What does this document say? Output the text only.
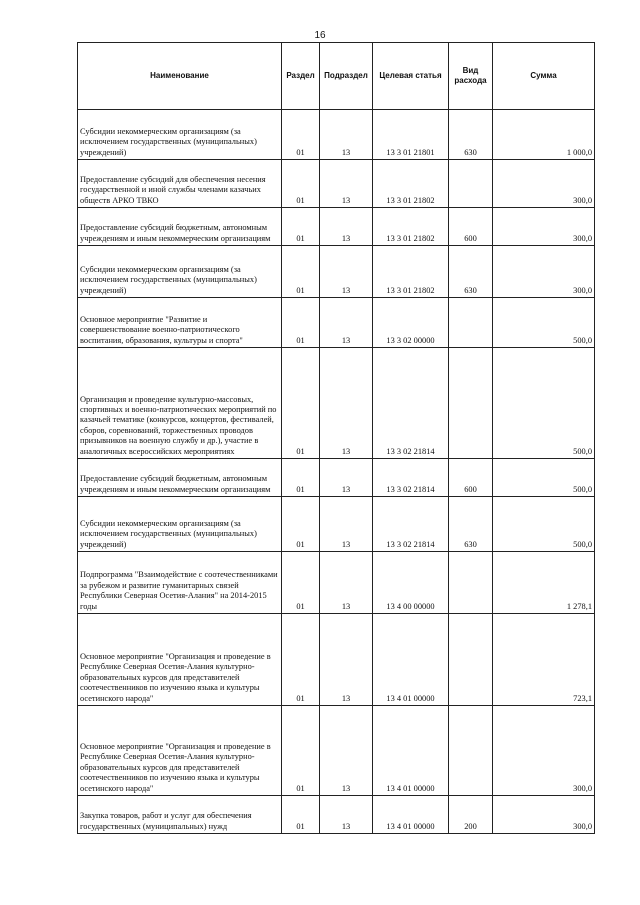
16
Наименование	Раздел	Подраздел	Целевая статья	Вид расхода	Сумма
Субсидии некоммерческим организациям (за исключением государственных (муниципальных) учреждений)	01	13	13 3 01 21801	630	1 000,0
Предоставление субсидий для обеспечения несения государственной и иной службы членами казачьих обществ АРКО ТВКО	01	13	13 3 01 21802		300,0
Предоставление субсидий бюджетным, автономным учреждениям и иным некоммерческим организациям	01	13	13 3 01 21802	600	300,0
Субсидии некоммерческим организациям (за исключением государственных (муниципальных) учреждений)	01	13	13 3 01 21802	630	300,0
Основное мероприятие "Развитие и совершенствование военно-патриотического воспитания, образования, культуры и спорта"	01	13	13 3 02 00000		500,0
Организация и проведение культурно-массовых, спортивных и военно-патриотических мероприятий по казачьей тематике (конкурсов, концертов, фестивалей, сборов, соревнований, торжественных проводов призывников на военную службу и др.), участие в аналогичных всероссийских мероприятиях	01	13	13 3 02 21814		500,0
Предоставление субсидий бюджетным, автономным учреждениям и иным некоммерческим организациям	01	13	13 3 02 21814	600	500,0
Субсидии некоммерческим организациям (за исключением государственных (муниципальных) учреждений)	01	13	13 3 02 21814	630	500,0
Подпрограмма "Взаимодействие с соотечественниками за рубежом и развитие гуманитарных связей Республики Северная Осетия-Алания" на 2014-2015 годы	01	13	13 4 00 00000		1 278,1
Основное мероприятие "Организация и проведение в Республике Северная Осетия-Алания культурно-образовательных курсов для представителей соотечественников по изучению языка и культуры осетинского народа"	01	13	13 4 01 00000		723,1
Основное мероприятие "Организация и проведение в Республике Северная Осетия-Алания культурно-образовательных курсов для представителей соотечественников по изучению языка и культуры осетинского народа"	01	13	13 4 01 00000		300,0
Закупка товаров, работ и услуг для обеспечения государственных (муниципальных) нужд	01	13	13 4 01 00000	200	300,0
